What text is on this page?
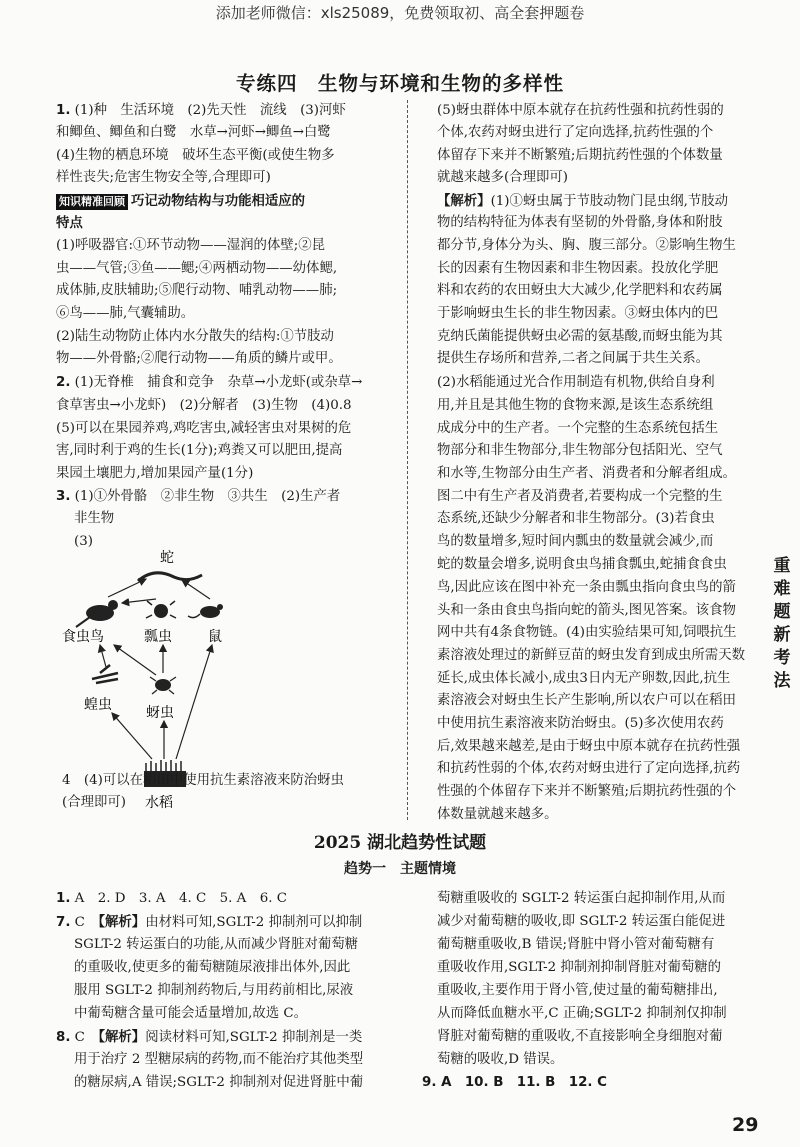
添加老师微信：xls25089，免费领取初、高全套押题卷
专练四　生物与环境和生物的多样性

1. (1)种　生活环境　(2)先天性　流线　(3)河虾

和鲫鱼、鲫鱼和白鹭　水草→河虾→鲫鱼→白鹭

(4)生物的栖息环境　破坏生态平衡(或使生物多

样性丧失;危害生物安全等,合理即可)

知识精准回顾 巧记动物结构与功能相适应的

特点

(1)呼吸器官:①环节动物——湿润的体壁;②昆

虫——气管;③鱼——鳃;④两栖动物——幼体鳃,

成体肺,皮肤辅助;⑤爬行动物、哺乳动物——肺;

⑥鸟——肺,气囊辅助。

(2)陆生动物防止体内水分散失的结构:①节肢动

物——外骨骼;②爬行动物——角质的鳞片或甲。

2. (1)无脊椎　捕食和竞争　杂草→小龙虾(或杂草→

食草害虫→小龙虾)　(2)分解者　(3)生物　(4)0.8

(5)可以在果园养鸡,鸡吃害虫,减轻害虫对果树的危

害,同时利于鸡的生长(1分);鸡粪又可以肥田,提高

果园土壤肥力,增加果园产量(1分)

3. (1)①外骨骼　②非生物　③共生　(2)生产者

非生物

(3)

蛇
食虫鸟	瓢虫	鼠
蝗虫 蚜虫
水稻

4　(4)可以在稻田中使用抗生素溶液来防治蚜虫

(合理即可)

(5)蚜虫群体中原本就存在抗药性强和抗药性弱的

个体,农药对蚜虫进行了定向选择,抗药性强的个

体留存下来并不断繁殖;后期抗药性强的个体数量

就越来越多(合理即可)

【解析】(1)①蚜虫属于节肢动物门昆虫纲,节肢动

物的结构特征为体表有坚韧的外骨骼,身体和附肢

都分节,身体分为头、胸、腹三部分。②影响生物生

长的因素有生物因素和非生物因素。投放化学肥

料和农药的农田蚜虫大大减少,化学肥料和农药属

于影响蚜虫生长的非生物因素。③蚜虫体内的巴

克纳氏菌能提供蚜虫必需的氨基酸,而蚜虫能为其

提供生存场所和营养,二者之间属于共生关系。

(2)水稻能通过光合作用制造有机物,供给自身利

用,并且是其他生物的食物来源,是该生态系统组

成成分中的生产者。一个完整的生态系统包括生

物部分和非生物部分,非生物部分包括阳光、空气

和水等,生物部分由生产者、消费者和分解者组成。

图二中有生产者及消费者,若要构成一个完整的生

态系统,还缺少分解者和非生物部分。(3)若食虫

鸟的数量增多,短时间内瓢虫的数量就会减少,而

蛇的数量会增多,说明食虫鸟捕食瓢虫,蛇捕食食虫

鸟,因此应该在图中补充一条由瓢虫指向食虫鸟的箭

头和一条由食虫鸟指向蛇的箭头,图见答案。该食物

网中共有4条食物链。(4)由实验结果可知,饲喂抗生

素溶液处理过的新鲜豆苗的蚜虫发育到成虫所需天数

延长,成虫体长减小,成虫3日内无产卵数,因此,抗生

素溶液会对蚜虫生长产生影响,所以农户可以在稻田

中使用抗生素溶液来防治蚜虫。(5)多次使用农药

后,效果越来越差,是由于蚜虫中原本就存在抗药性强

和抗药性弱的个体,农药对蚜虫进行了定向选择,抗药

性强的个体留存下来并不断繁殖;后期抗药性强的个

体数量就越来越多。

重
难
题
新
考
法
2025 湖北趋势性试题
趋势一　主题情境

1. A　2. D　3. A　4. C　5. A　6. C

7. C　【解析】由材料可知,SGLT-2 抑制剂可以抑制

SGLT-2 转运蛋白的功能,从而减少肾脏对葡萄糖

的重吸收,使更多的葡萄糖随尿液排出体外,因此

服用 SGLT-2 抑制剂药物后,与用药前相比,尿液

中葡萄糖含量可能会适量增加,故选 C。

8. C　【解析】阅读材料可知,SGLT-2 抑制剂是一类

用于治疗 2 型糖尿病的药物,而不能治疗其他类型

的糖尿病,A 错误;SGLT-2 抑制剂对促进肾脏中葡

萄糖重吸收的 SGLT-2 转运蛋白起抑制作用,从而

减少对葡萄糖的吸收,即 SGLT-2 转运蛋白能促进

葡萄糖重吸收,B 错误;肾脏中肾小管对葡萄糖有

重吸收作用,SGLT-2 抑制剂抑制肾脏对葡萄糖的

重吸收,主要作用于肾小管,使过量的葡萄糖排出,

从而降低血糖水平,C 正确;SGLT-2 抑制剂仅抑制

肾脏对葡萄糖的重吸收,不直接影响全身细胞对葡

萄糖的吸收,D 错误。

9. A　10. B　11. B　12. C

29
